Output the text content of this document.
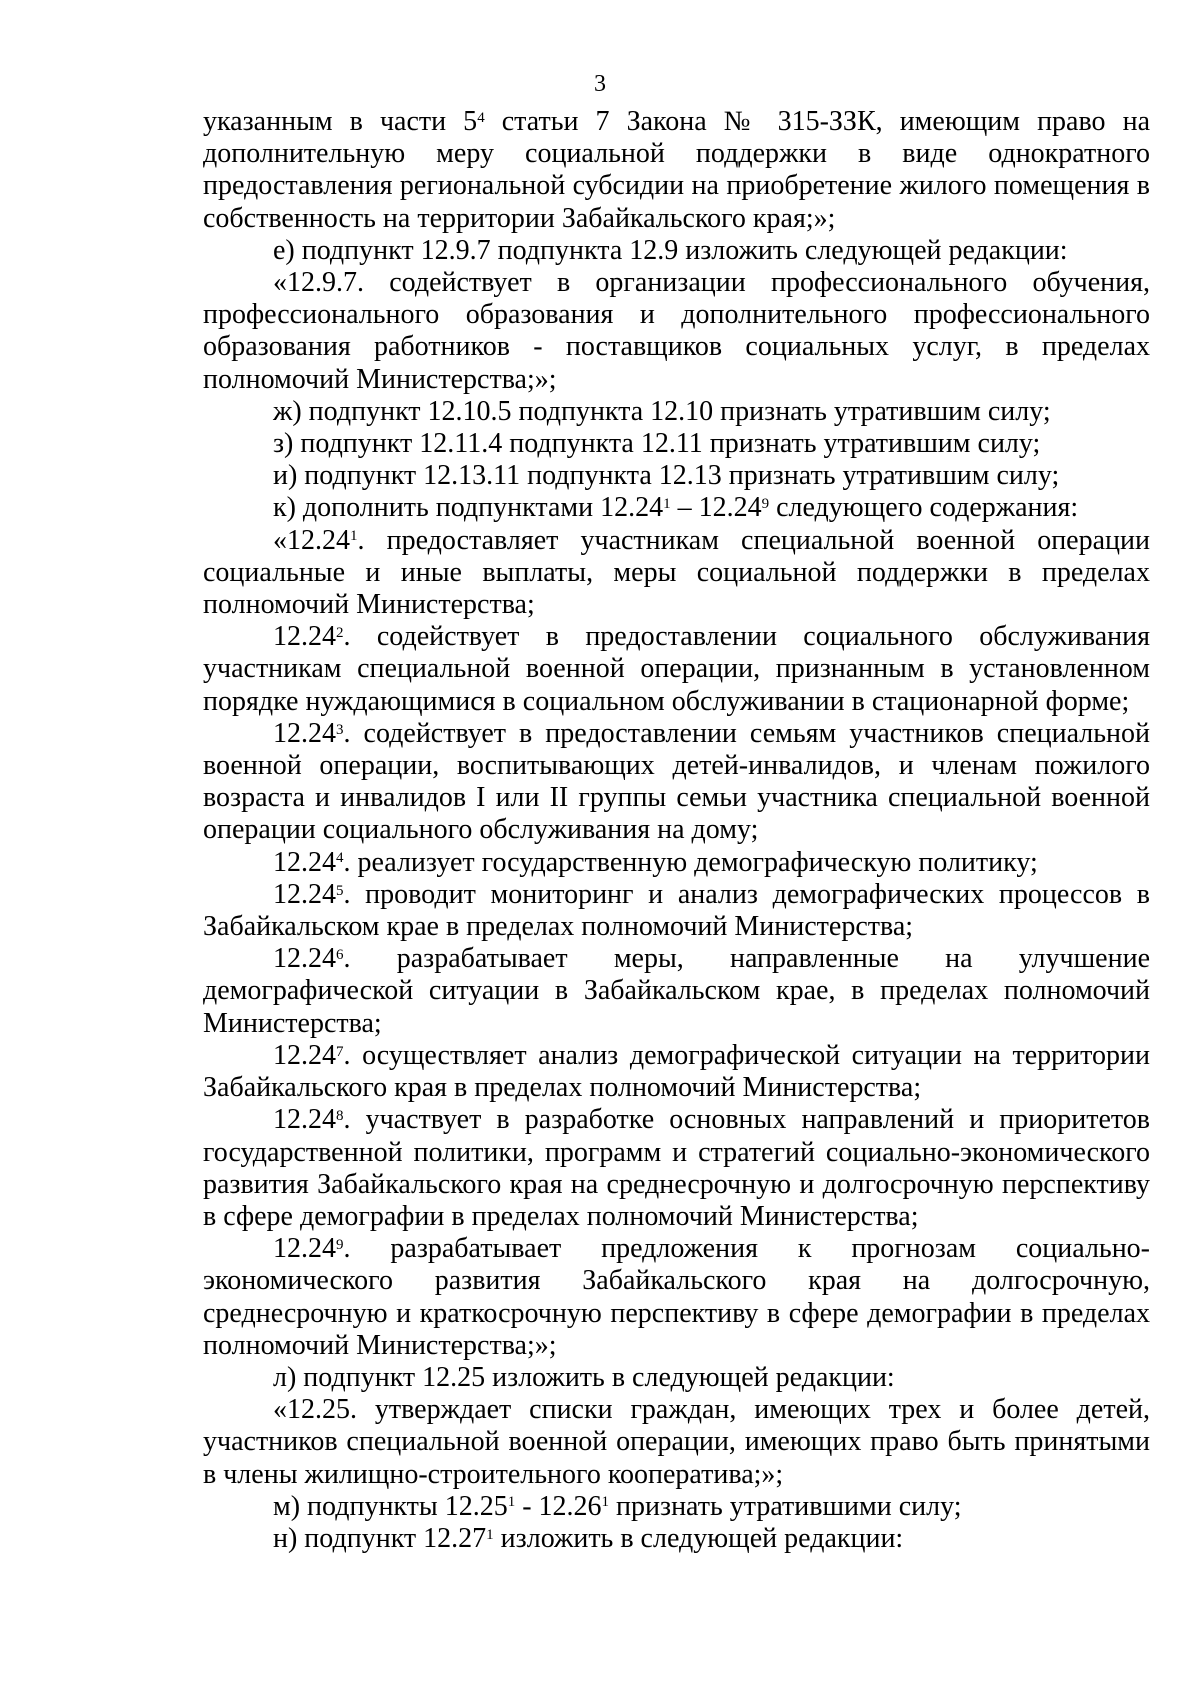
3

указанным в части $5^4$ статьи 7 Закона № 315-ЗЗК, имеющим право на дополнительную меру социальной поддержки в виде однократного предоставления региональной субсидии на приобретение жилого помещения в собственность на территории Забайкальского края;»;

е) подпункт 12.9.7 подпункта 12.9 изложить следующей редакции:

«12.9.7. содействует в организации профессионального обучения, профессионального образования и дополнительного профессионального образования работников - поставщиков социальных услуг, в пределах полномочий Министерства;»;

ж) подпункт 12.10.5 подпункта 12.10 признать утратившим силу;

з) подпункт 12.11.4 подпункта 12.11 признать утратившим силу;

и) подпункт 12.13.11 подпункта 12.13 признать утратившим силу;

к) дополнить подпунктами 12.24$^1$ – 12.24$^9$ следующего содержания:

«12.24$^1$. предоставляет участникам специальной военной операции социальные и иные выплаты, меры социальной поддержки в пределах полномочий Министерства;

12.24$^2$. содействует в предоставлении социального обслуживания участникам специальной военной операции, признанным в установленном порядке нуждающимися в социальном обслуживании в стационарной форме;

12.24$^3$. содействует в предоставлении семьям участников специальной военной операции, воспитывающих детей-инвалидов, и членам пожилого возраста и инвалидов I или II группы семьи участника специальной военной операции социального обслуживания на дому;

12.24$^4$. реализует государственную демографическую политику;

12.24$^5$. проводит мониторинг и анализ демографических процессов в Забайкальском крае в пределах полномочий Министерства;

12.24$^6$. разрабатывает меры, направленные на улучшение демографической ситуации в Забайкальском крае, в пределах полномочий Министерства;

12.24$^7$. осуществляет анализ демографической ситуации на территории Забайкальского края в пределах полномочий Министерства;

12.24$^8$. участвует в разработке основных направлений и приоритетов государственной политики, программ и стратегий социально-экономического развития Забайкальского края на среднесрочную и долгосрочную перспективу в сфере демографии в пределах полномочий Министерства;

12.24$^9$. разрабатывает предложения к прогнозам социально-экономического развития Забайкальского края на долгосрочную, среднесрочную и краткосрочную перспективу в сфере демографии в пределах полномочий Министерства;»;

л) подпункт 12.25 изложить в следующей редакции:

«12.25. утверждает списки граждан, имеющих трех и более детей, участников специальной военной операции, имеющих право быть принятыми в члены жилищно-строительного кооператива;»;

м) подпункты 12.25$^1$ - 12.26$^1$ признать утратившими силу;

н) подпункт 12.27$^1$ изложить в следующей редакции:
